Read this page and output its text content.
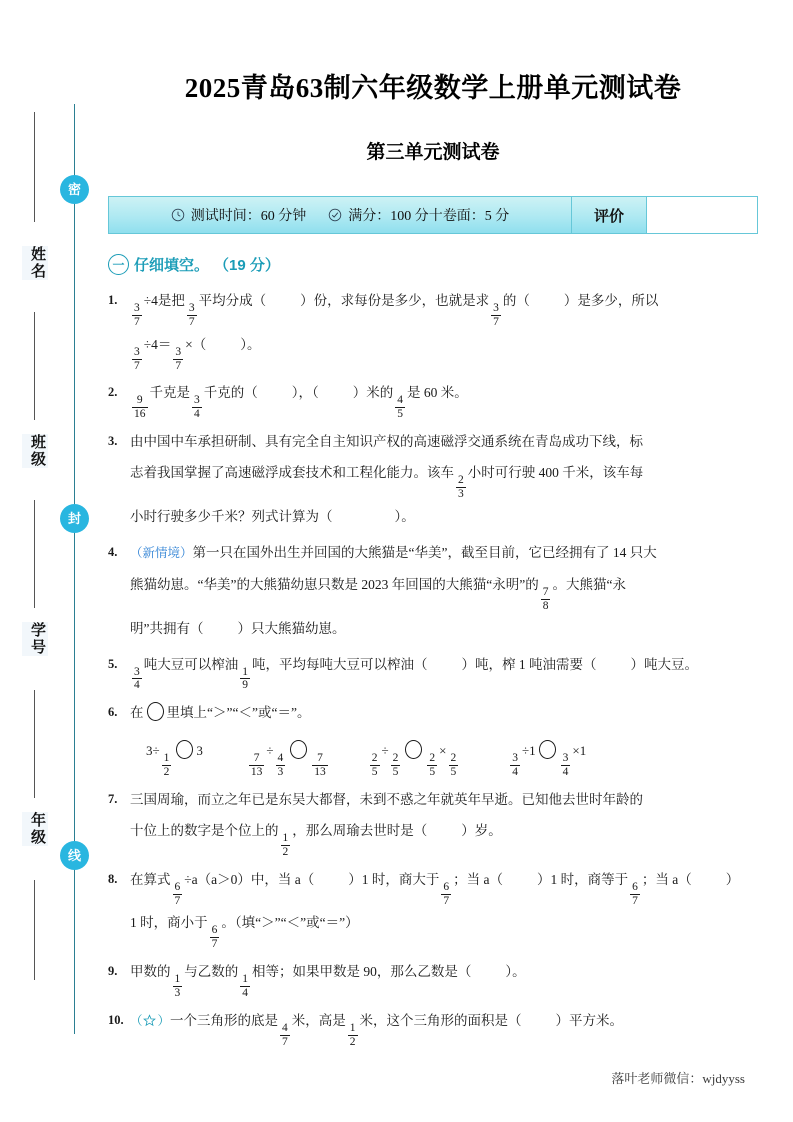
密
封
线
姓名
班级
学号
年级
2025青岛63制六年级数学上册单元测试卷
第三单元测试卷
测试时间：60 分钟	满分：100 分十卷面：5 分	评价
一 仔细填空。 （19 分）
1.
$\frac{3}{7}$
÷4是把
$\frac{3}{7}$
平均分成（	）份，求每份是多少，也就是求
$\frac{3}{7}$
的（	）是多少，所以
$\frac{3}{7}$
÷4＝
$\frac{3}{7}$
×（	）。
2.
$\frac{9}{16}$
千克是
$\frac{3}{4}$
千克的（	），（	）米的
$\frac{4}{5}$
是 60 米。
3. 由中国中车承担研制、具有完全自主知识产权的高速磁浮交通系统在青岛成功下线，标
志着我国掌握了高速磁浮成套技术和工程化能力。该车
$\frac{2}{3}$
小时可行驶 400 千米，该车每
小时行驶多少千米？列式计算为（	）。
4.	（新情境）第一只在国外出生并回国的大熊猫是“华美”，截至目前，它已经拥有了 14 只大
熊猫幼崽。“华美”的大熊猫幼崽只数是 2023 年回国的大熊猫“永明”的
$\frac{7}{8}$
。大熊猫“永
明”共拥有（	）只大熊猫幼崽。
5.
$\frac{3}{4}$
吨大豆可以榨油
$\frac{1}{9}$
吨，平均每吨大豆可以榨油（	）吨，榨 1 吨油需要（	）吨大豆。
6. 在 里填上“＞”“＜”或“＝”。
3÷
$\frac{1}{2}$
3
$\frac{7}{13}$
÷
$\frac{4}{3} \frac{7}{13}$	$\frac{2}{5}$
÷
$\frac{2}{5} \frac{2}{5}$
×
$\frac{2}{5}$	$\frac{3}{4}$
÷1
$\frac{3}{4}$
×1
7. 三国周瑜，而立之年已是东吴大都督，未到不惑之年就英年早逝。已知他去世时年龄的
十位上的数字是个位上的
$\frac{1}{2}$
，那么周瑜去世时是（	）岁。
8. 在算式
$\frac{6}{7}$
÷a（a＞0）中，当 a（	）1 时，商大于
$\frac{6}{7}$
；当 a（	）1 时，商等于
$\frac{6}{7}$
；当 a（	）
1 时，商小于
$\frac{6}{7}$
。（填“＞”“＜”或“＝”）
9. 甲数的
$\frac{1}{3}$
与乙数的
$\frac{1}{4}$
相等；如果甲数是 90，那么乙数是（	）。
10. （ ）一个三角形的底是
$\frac{4}{7}$
米，高是
$\frac{1}{2}$
米，这个三角形的面积是（	）平方米。
落叶老师微信：wjdyyss
